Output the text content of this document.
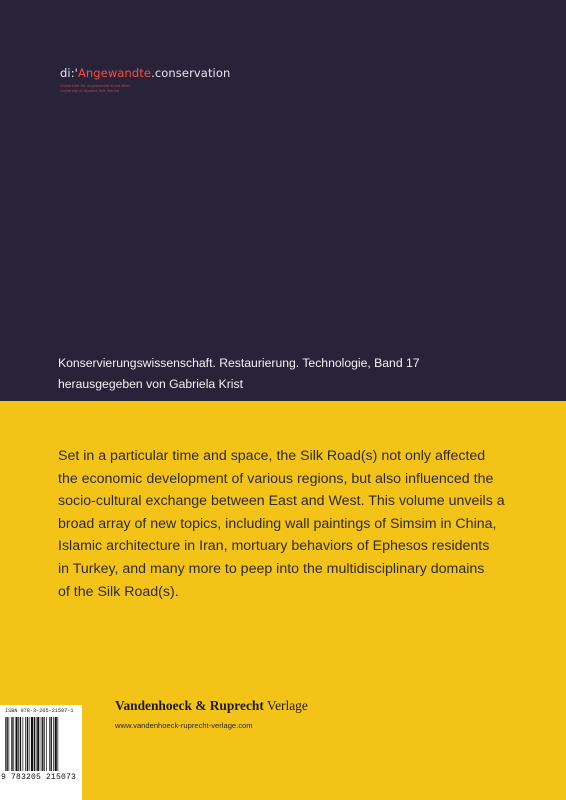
di:'Angewandte.conservation
Universität für angewandte Kunst Wien
University of Applied Arts Vienna
Konservierungswissenschaft. Restaurierung. Technologie, Band 17
herausgegeben von Gabriela Krist
Set in a particular time and space, the Silk Road(s) not only affected
the economic development of various regions, but also influenced the
socio-cultural exchange between East and West. This volume unveils a
broad array of new topics, including wall paintings of Simsim in China,
Islamic architecture in Iran, mortuary behaviors of Ephesos residents
in Turkey, and many more to peep into the multidisciplinary domains
of the Silk Road(s).
ISBN 978-3-205-21507-1
9 783205 215073
Vandenhoeck & Ruprecht Verlage
www.vandenhoeck-ruprecht-verlage.com
